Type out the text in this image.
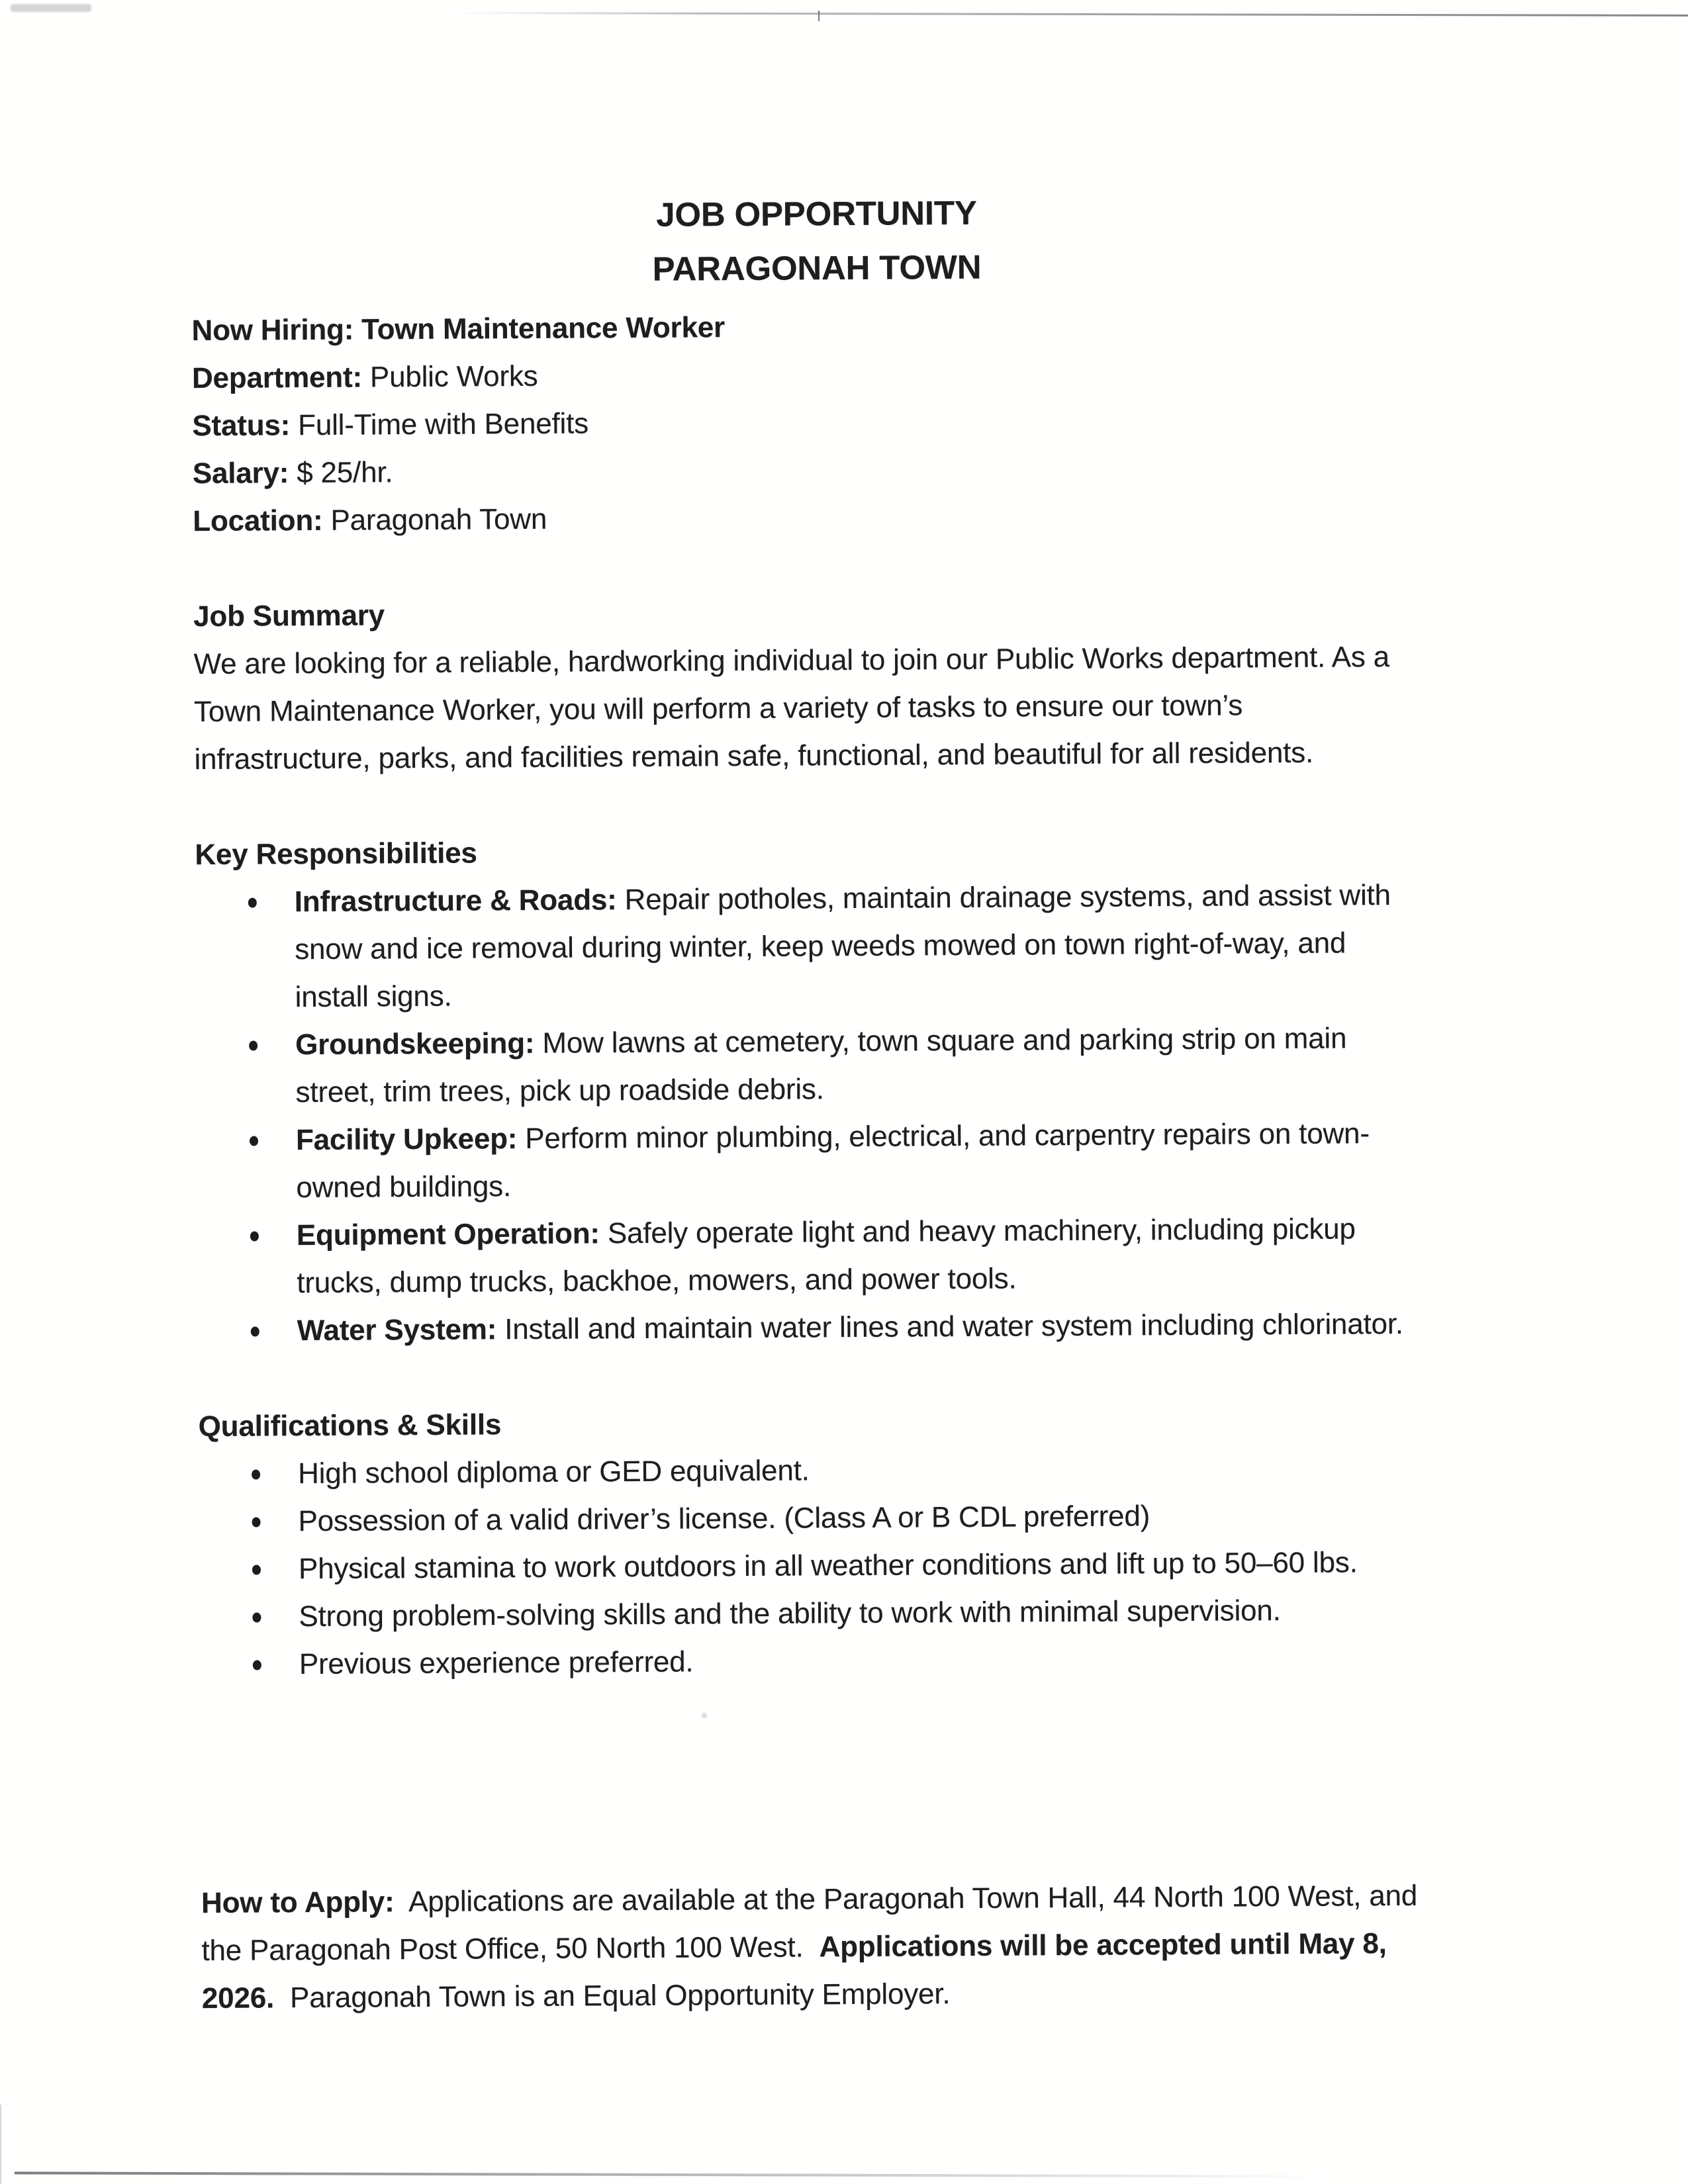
JOB OPPORTUNITY
PARAGONAH TOWN
Now Hiring: Town Maintenance Worker
Department: Public Works
Status: Full-Time with Benefits
Salary: $ 25/hr.
Location: Paragonah Town
Job Summary
We are looking for a reliable, hardworking individual to join our Public Works department. As a
Town Maintenance Worker, you will perform a variety of tasks to ensure our town’s
infrastructure, parks, and facilities remain safe, functional, and beautiful for all residents.
Key Responsibilities
Infrastructure & Roads: Repair potholes, maintain drainage systems, and assist with
snow and ice removal during winter, keep weeds mowed on town right-of-way, and
install signs.
Groundskeeping: Mow lawns at cemetery, town square and parking strip on main
street, trim trees, pick up roadside debris.
Facility Upkeep: Perform minor plumbing, electrical, and carpentry repairs on town-
owned buildings.
Equipment Operation: Safely operate light and heavy machinery, including pickup
trucks, dump trucks, backhoe, mowers, and power tools.
Water System: Install and maintain water lines and water system including chlorinator.
Qualifications & Skills
High school diploma or GED equivalent.
Possession of a valid driver’s license. (Class A or B CDL preferred)
Physical stamina to work outdoors in all weather conditions and lift up to 50–60 lbs.
Strong problem-solving skills and the ability to work with minimal supervision.
Previous experience preferred.

How to Apply:  Applications are available at the Paragonah Town Hall, 44 North 100 West, and
the Paragonah Post Office, 50 North 100 West.  Applications will be accepted until May 8,
2026.  Paragonah Town is an Equal Opportunity Employer.
